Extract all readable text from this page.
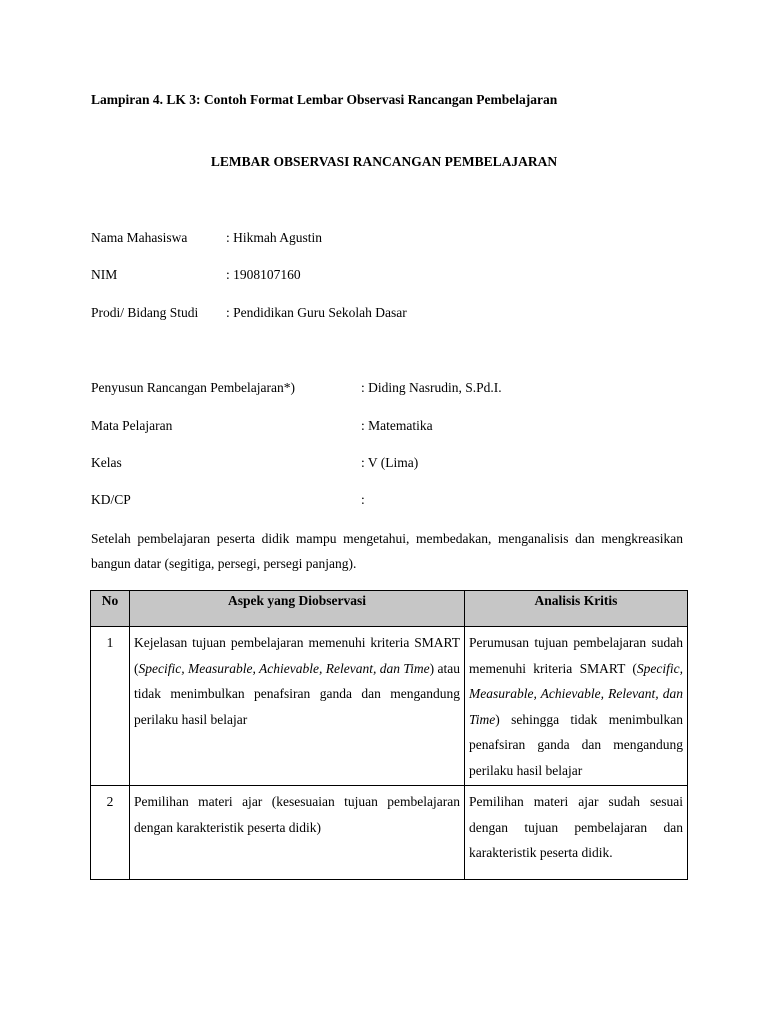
Lampiran 4. LK 3: Contoh Format Lembar Observasi Rancangan Pembelajaran
LEMBAR OBSERVASI RANCANGAN PEMBELAJARAN
Nama Mahasiswa	: Hikmah Agustin
NIM	: 1908107160
Prodi/ Bidang Studi : Pendidikan Guru Sekolah Dasar
Penyusun Rancangan Pembelajaran*)	: Diding Nasrudin, S.Pd.I.
Mata Pelajaran	: Matematika
Kelas	: V (Lima)
KD/CP	:
Setelah pembelajaran peserta didik mampu mengetahui, membedakan, menganalisis dan mengkreasikan bangun datar (segitiga, persegi, persegi panjang).
No	Aspek yang Diobservasi	Analisis Kritis
1	Kejelasan tujuan pembelajaran memenuhi kriteria SMART (Specific, Measurable, Achievable, Relevant, dan Time) atau tidak menimbulkan penafsiran ganda dan mengandung perilaku hasil belajar	Perumusan tujuan pembelajaran sudah memenuhi kriteria SMART (Specific, Measurable, Achievable, Relevant, dan Time) sehingga tidak menimbulkan penafsiran ganda dan mengandung perilaku hasil belajar
2	Pemilihan materi ajar (kesesuaian tujuan pembelajaran dengan karakteristik peserta didik)	Pemilihan materi ajar sudah sesuai dengan tujuan pembelajaran dan karakteristik peserta didik.
